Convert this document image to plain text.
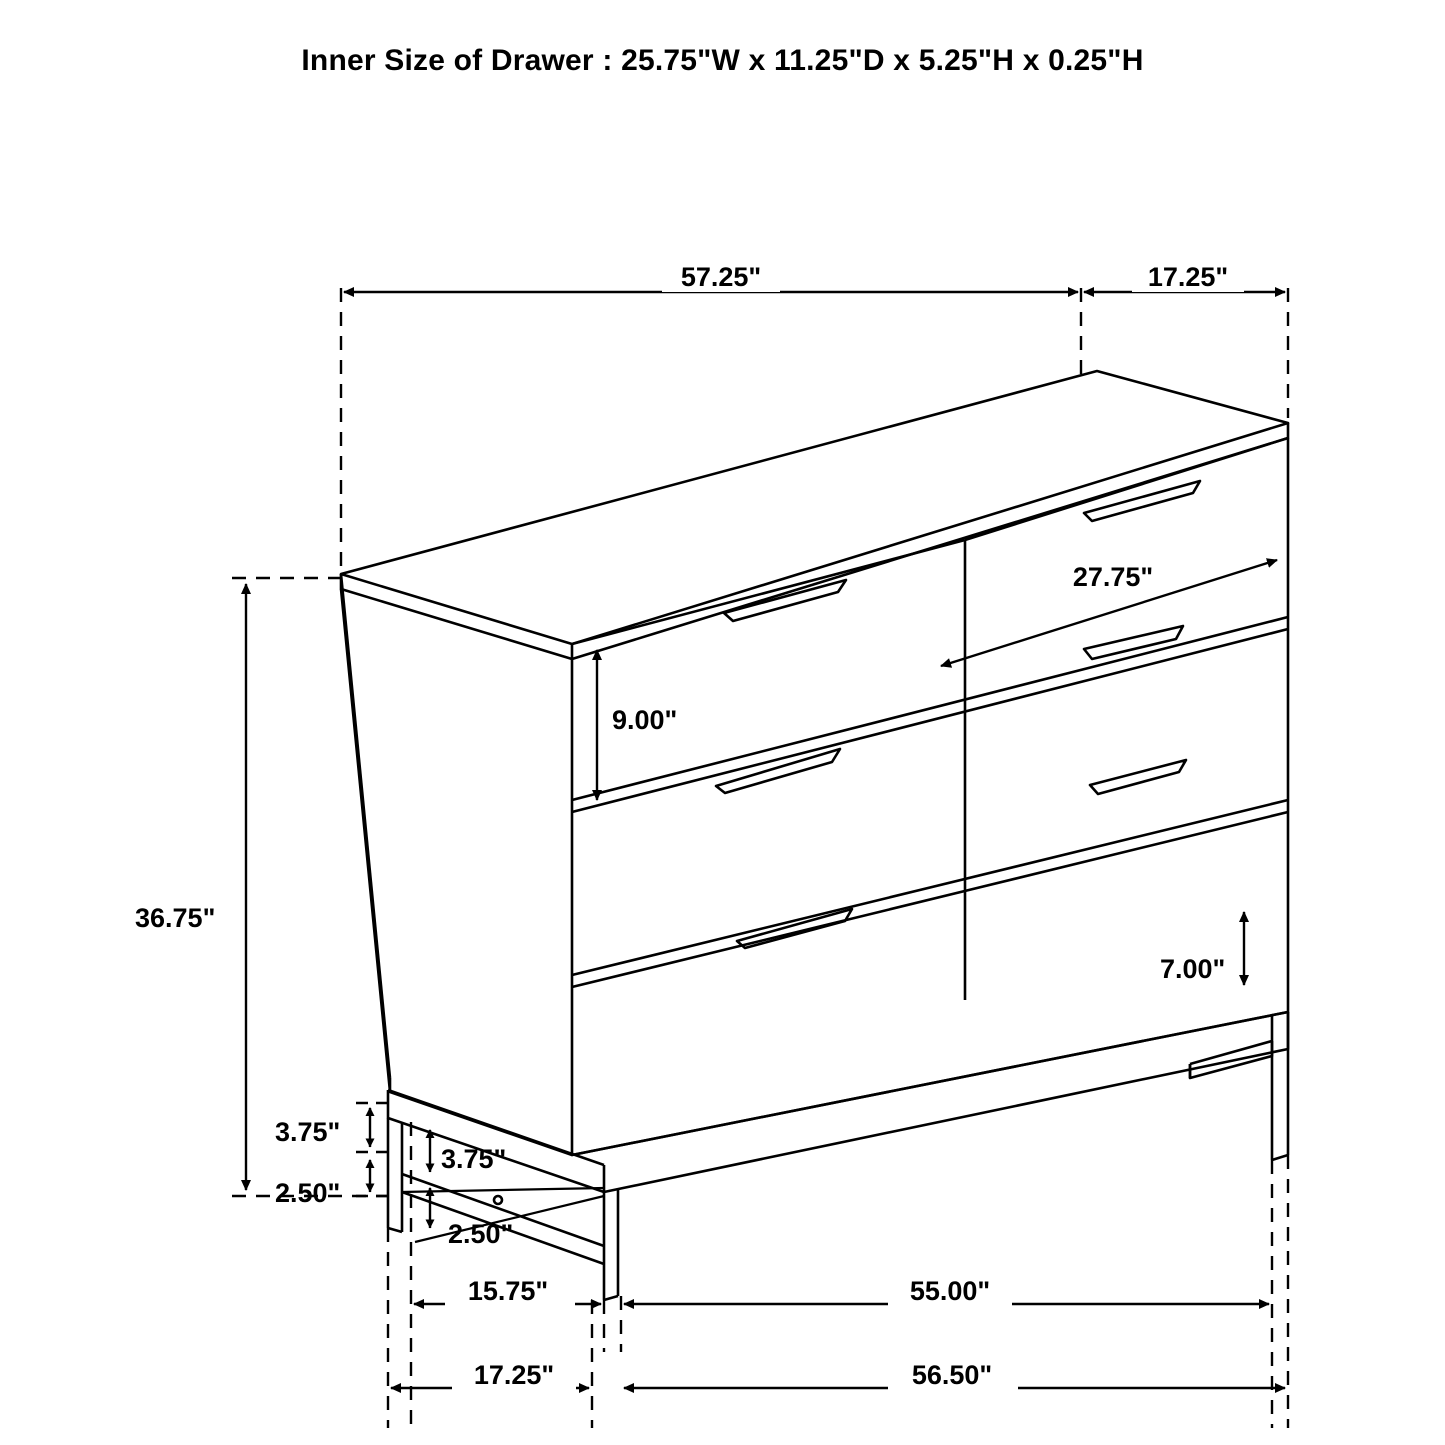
Inner Size of Drawer : 25.75"W x 11.25"D x 5.25"H x 0.25"H
57.25"	17.25"
27.75"
9.00"
36.75"
7.00"
3.75"
2.50"
3.75"
2.50"
15.75"	55.00"
17.25"	56.50"
